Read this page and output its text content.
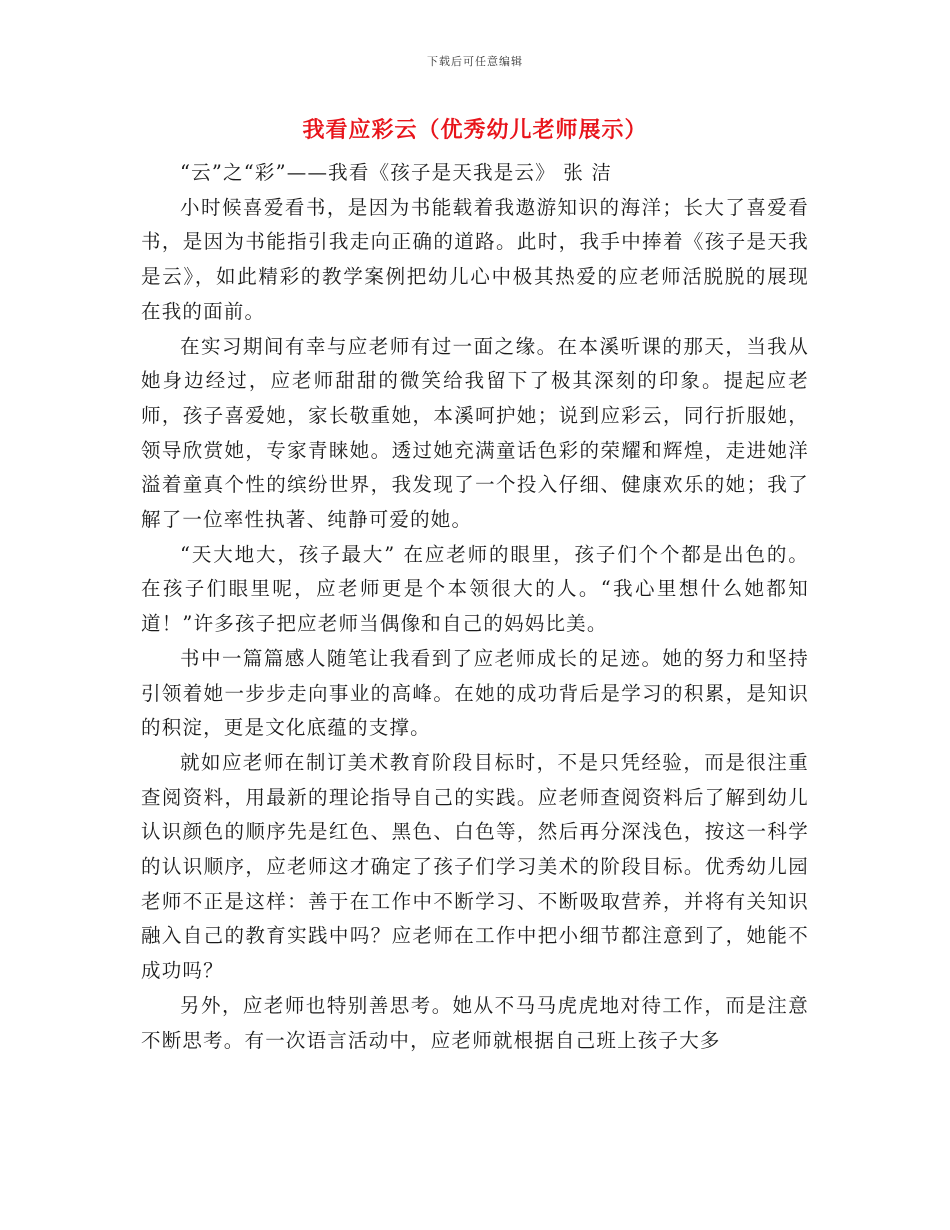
下载后可任意编辑
我看应彩云（优秀幼儿老师展示）

“云”之“彩”——我看《孩子是天我是云》 张 洁

小时候喜爱看书，是因为书能载着我遨游知识的海洋；长大了喜爱看书，是因为书能指引我走向正确的道路。此时，我手中捧着《孩子是天我是云》，如此精彩的教学案例把幼儿心中极其热爱的应老师活脱脱的展现在我的面前。

在实习期间有幸与应老师有过一面之缘。在本溪听课的那天，当我从她身边经过，应老师甜甜的微笑给我留下了极其深刻的印象。提起应老师，孩子喜爱她，家长敬重她，本溪呵护她；说到应彩云，同行折服她，领导欣赏她，专家青睐她。透过她充满童话色彩的荣耀和辉煌，走进她洋溢着童真个性的缤纷世界，我发现了一个投入仔细、健康欢乐的她；我了解了一位率性执著、纯静可爱的她。

“天大地大，孩子最大” 在应老师的眼里，孩子们个个都是出色的。在孩子们眼里呢，应老师更是个本领很大的人。“我心里想什么她都知道！”许多孩子把应老师当偶像和自己的妈妈比美。

书中一篇篇感人随笔让我看到了应老师成长的足迹。她的努力和坚持引领着她一步步走向事业的高峰。在她的成功背后是学习的积累，是知识的积淀，更是文化底蕴的支撑。

就如应老师在制订美术教育阶段目标时，不是只凭经验，而是很注重查阅资料，用最新的理论指导自己的实践。应老师查阅资料后了解到幼儿认识颜色的顺序先是红色、黑色、白色等，然后再分深浅色，按这一科学的认识顺序，应老师这才确定了孩子们学习美术的阶段目标。优秀幼儿园老师不正是这样：善于在工作中不断学习、不断吸取营养，并将有关知识融入自己的教育实践中吗？应老师在工作中把小细节都注意到了，她能不成功吗？

另外，应老师也特别善思考。她从不马马虎虎地对待工作，而是注意不断思考。有一次语言活动中，应老师就根据自己班上孩子大多
